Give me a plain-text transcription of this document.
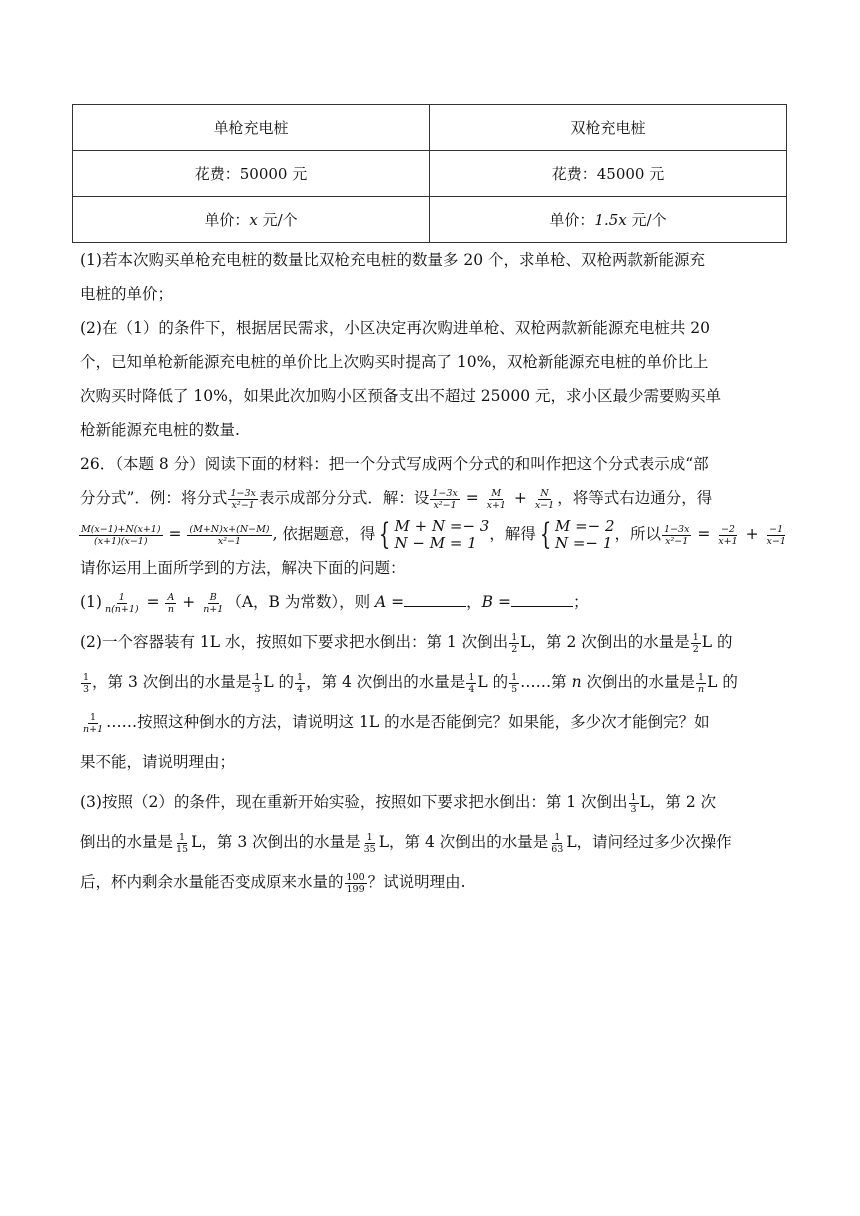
单枪充电桩	双枪充电桩
花费：50000 元	花费：45000 元
单价：x 元/个	单价：1.5x 元/个
(1)若本次购买单枪充电桩的数量比双枪充电桩的数量多 20 个，求单枪、双枪两款新能源充
电桩的单价；
(2)在（1）的条件下，根据居民需求，小区决定再次购进单枪、双枪两款新能源充电桩共 20
个，已知单枪新能源充电桩的单价比上次购买时提高了 10%，双枪新能源充电桩的单价比上
次购买时降低了 10%，如果此次加购小区预备支出不超过 25000 元，求小区最少需要购买单
枪新能源充电桩的数量.
26．（本题 8 分）阅读下面的材料：把一个分式写成两个分式的和叫作把这个分式表示成“部
分分式”．例：将分式 $\frac{1-3x}{\text{x²−1}}$ 表示成部分分式．解：设 $\frac{1-3x}{\text{x²−1}} = \frac{M}{x+1} + \frac{N}{x-1}$ ，将等式右边通分，得
$\frac{M(x-1)+N(x+1)}{(x+1)(x-1)} = \frac{(M+N)x+(N-M)}{\text{x²−1}}$ , 依据题意，得 { M + N =− 3
N − M = 1 ，解得 { M =− 2
N =− 1 ，所以 $\frac{1-3x}{\text{x²−1}} = \frac{-2}{x+1} + \frac{-1}{x-1}$
请你运用上面所学到的方法，解决下面的问题：
$(1) \frac{1}{n(n+1)} = \frac{A}{n} + \frac{B}{n+1} (A$，B 为常数），则 A =	，B =	；
(2)一个容器装有 1L 水，按照如下要求把水倒出：第 1 次倒出 $\frac{1}{2}$ L，第 2 次倒出的水量是 $\frac{1}{2}$ L 的
$\frac{1}{3}$ ，第 3 次倒出的水量是 $\frac{1}{3}$ L 的 $\frac{1}{4}$ ，第 4 次倒出的水量是 $\frac{1}{4}$ L 的 $\frac{1}{5}$ ……第 n 次倒出的水量是 $\frac{1}{n}$ L 的
$\frac{1}{n+1}$ ……按照这种倒水的方法，请说明这 1L 的水是否能倒完？如果能，多少次才能倒完？如
果不能，请说明理由；
(3)按照（2）的条件，现在重新开始实验，按照如下要求把水倒出：第 1 次倒出 $\frac{1}{3}$ L，第 2 次
倒出的水量是 $\frac{1}{15}$ L，第 3 次倒出的水量是 $\frac{1}{35}$ L，第 4 次倒出的水量是 $\frac{1}{63}$ L，请问经过多少次操作
后，杯内剩余水量能否变成原来水量的 $\frac{100}{199}$ ？试说明理由.
